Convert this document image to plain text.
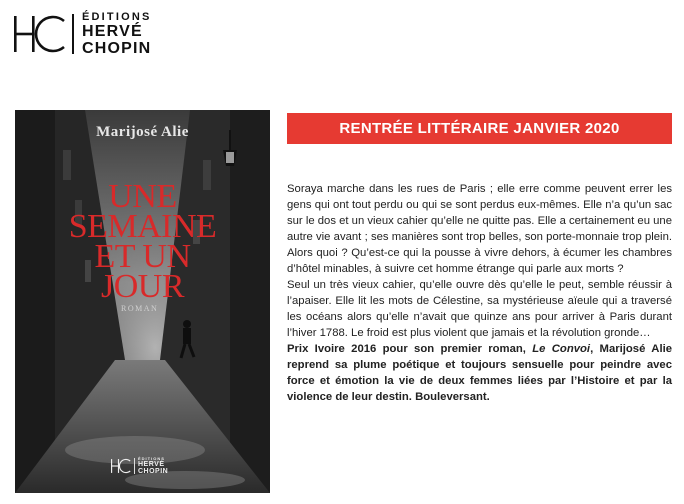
ÉDITIONS
HERVÉ
CHOPIN
Marijosé Alie
UNE
SEMAINE
ET UN
JOUR
ROMAN
ÉDITIONS
HERVÉ
CHOPIN
RENTRÉE LITTÉRAIRE JANVIER 2020

Soraya marche dans les rues de Paris ; elle erre comme peuvent errer les gens qui ont tout perdu ou qui se sont perdus eux-mêmes. Elle n’a qu’un sac sur le dos et un vieux cahier qu’elle ne quitte pas. Elle a certainement eu une autre vie avant ; ses manières sont trop belles, son porte-monnaie trop plein. Alors quoi ? Qu’est-ce qui la pousse à vivre dehors, à écumer les chambres d’hôtel minables, à suivre cet homme étrange qui parle aux morts ?

Seul un très vieux cahier, qu’elle ouvre dès qu’elle le peut, semble réussir à l’apaiser. Elle lit les mots de Célestine, sa mystérieuse aïeule qui a traversé les océans alors qu’elle n’avait que quinze ans pour arriver à Paris durant l’hiver 1788. Le froid est plus violent que jamais et la révolution gronde…

Prix Ivoire 2016 pour son premier roman, Le Convoi, Marijosé Alie reprend sa plume poétique et toujours sensuelle pour peindre avec force et émotion la vie de deux femmes liées par l’Histoire et par la violence de leur destin. Bouleversant.
